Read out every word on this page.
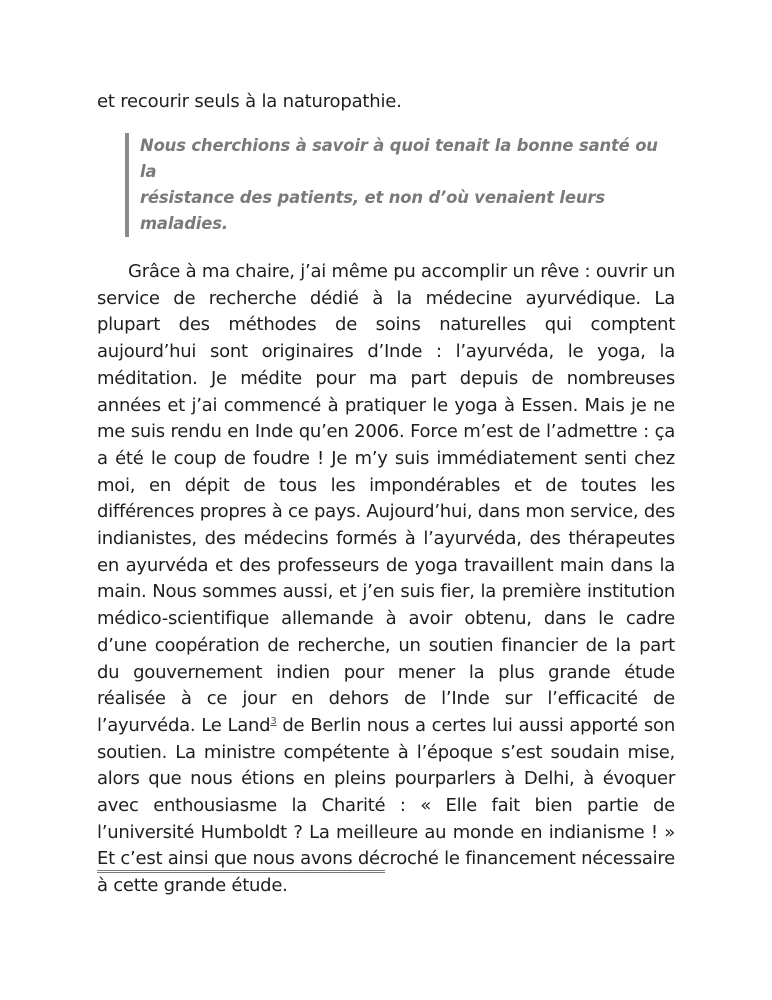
et recourir seuls à la naturopathie.

Nous cherchions à savoir à quoi tenait la bonne santé ou la
résistance des patients, et non d’où venaient leurs maladies.

Grâce à ma chaire, j’ai même pu accomplir un rêve : ouvrir un service de recherche dédié à la médecine ayurvédique. La plupart des méthodes de soins naturelles qui comptent aujourd’hui sont originaires d’Inde : l’ayurvéda, le yoga, la méditation. Je médite pour ma part depuis de nombreuses années et j’ai commencé à pratiquer le yoga à Essen. Mais je ne me suis rendu en Inde qu’en 2006. Force m’est de l’admettre : ça a été le coup de foudre ! Je m’y suis immédiatement senti chez moi, en dépit de tous les impondérables et de toutes les différences propres à ce pays. Aujourd’hui, dans mon service, des indianistes, des médecins formés à l’ayurvéda, des thérapeutes en ayurvéda et des professeurs de yoga travaillent main dans la main. Nous sommes aussi, et j’en suis fier, la première institution médico-scientifique allemande à avoir obtenu, dans le cadre d’une coopération de recherche, un soutien financier de la part du gouvernement indien pour mener la plus grande étude réalisée à ce jour en dehors de l’Inde sur l’efficacité de l’ayurvéda. Le Land$^3$ de Berlin nous a certes lui aussi apporté son soutien. La ministre compétente à l’époque s’est soudain mise, alors que nous étions en pleins pourparlers à Delhi, à évoquer avec enthousiasme la Charité : « Elle fait bien partie de l’université Humboldt ? La meilleure au monde en indianisme ! » Et c’est ainsi que nous avons décroché le financement nécessaire à cette grande étude.
